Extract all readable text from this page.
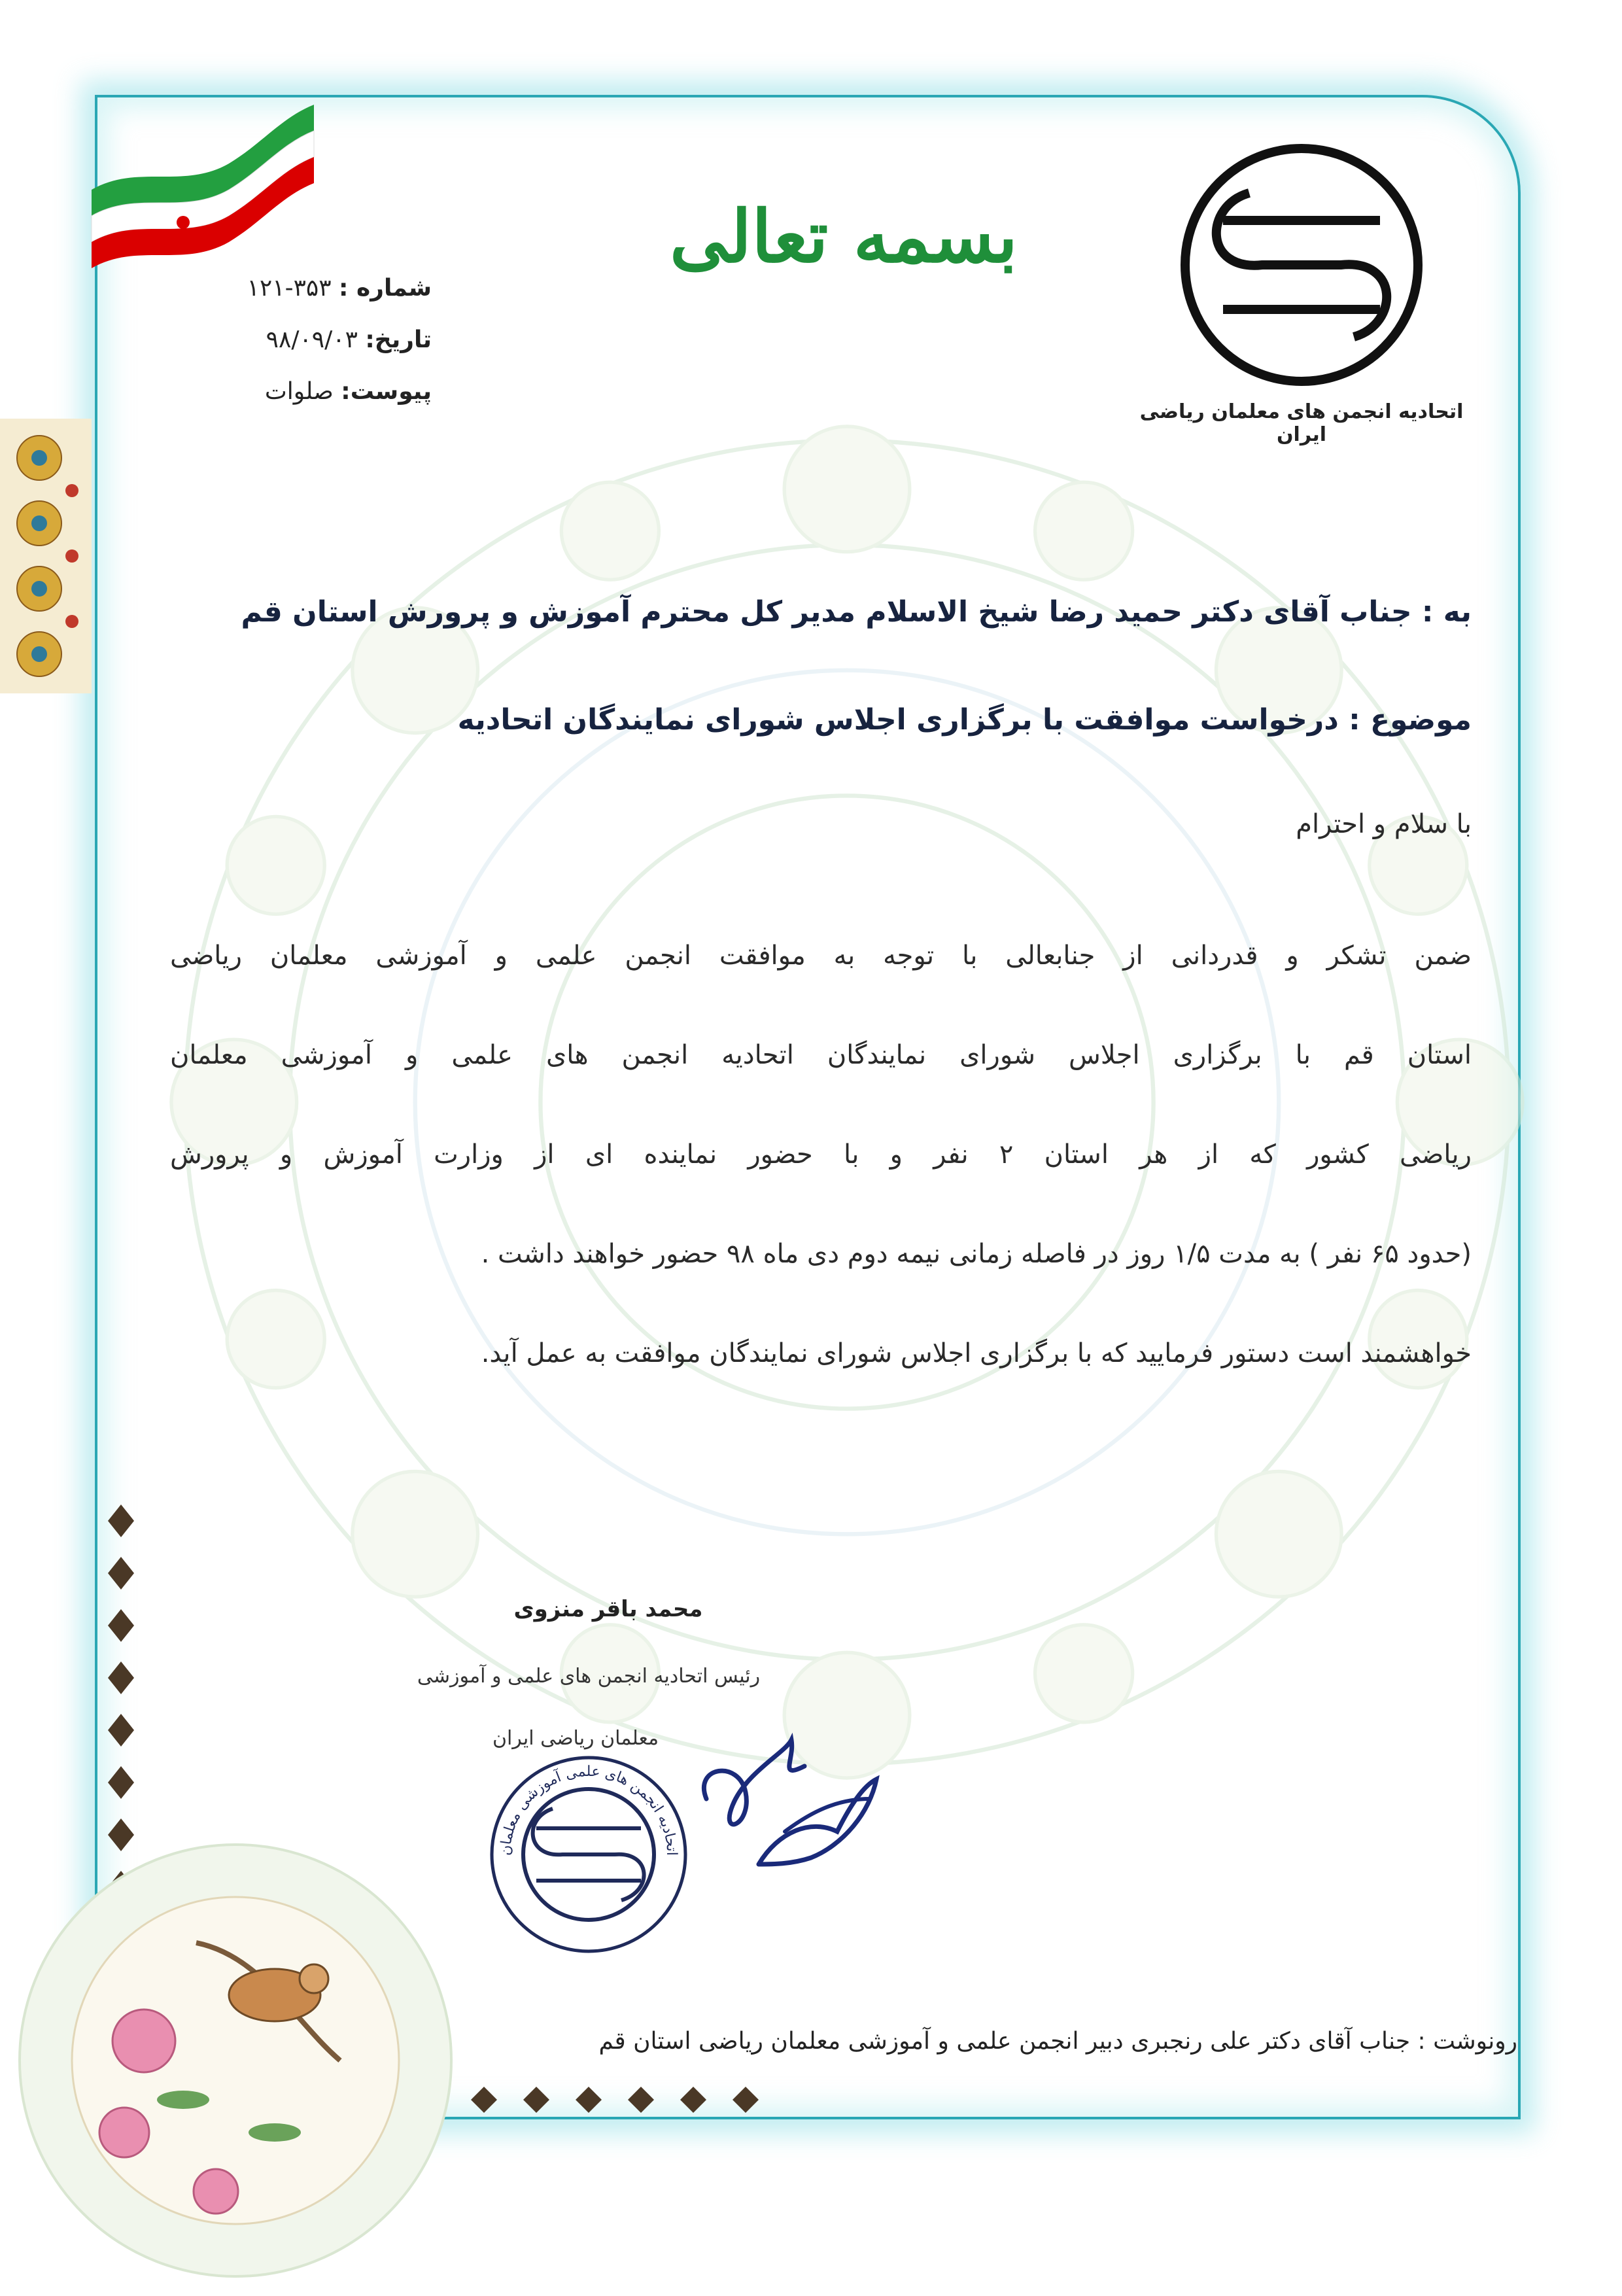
اتحادیه انجمن های معلمان ریاضی ایران
بسمه تعالی
شماره : ۳۵۳-۱۲۱
تاریخ: ۹۸/۰۹/۰۳
پیوست: صلوات
به : جناب آقای دکتر حمید رضا شیخ الاسلام مدیر کل محترم آموزش و پرورش استان قم
موضوع : درخواست موافقت با برگزاری اجلاس شورای نمایندگان اتحادیه
با سلام و احترام
ضمن تشکر و قدردانی از جنابعالی با توجه به موافقت انجمن علمی و آموزشی معلمان ریاضی
استان قم با برگزاری اجلاس شورای نمایندگان اتحادیه انجمن های علمی و آموزشی معلمان
ریاضی کشور که از هر استان ۲ نفر و با حضور نماینده ای از وزارت آموزش و پرورش
(حدود ۶۵ نفر ) به مدت ۱/۵ روز در فاصله زمانی نیمه دوم دی ماه ۹۸ حضور خواهند داشت .
خواهشمند است دستور فرمایید که با برگزاری اجلاس شورای نمایندگان موافقت به عمل آید.
محمد باقر منزوی
رئیس اتحادیه انجمن های علمی و آموزشی
معلمان ریاضی ایران
اتحادیه انجمن های علمی آموزشی معلمان
رونوشت : جناب آقای دکتر علی رنجبری دبیر انجمن علمی و آموزشی معلمان ریاضی استان قم
